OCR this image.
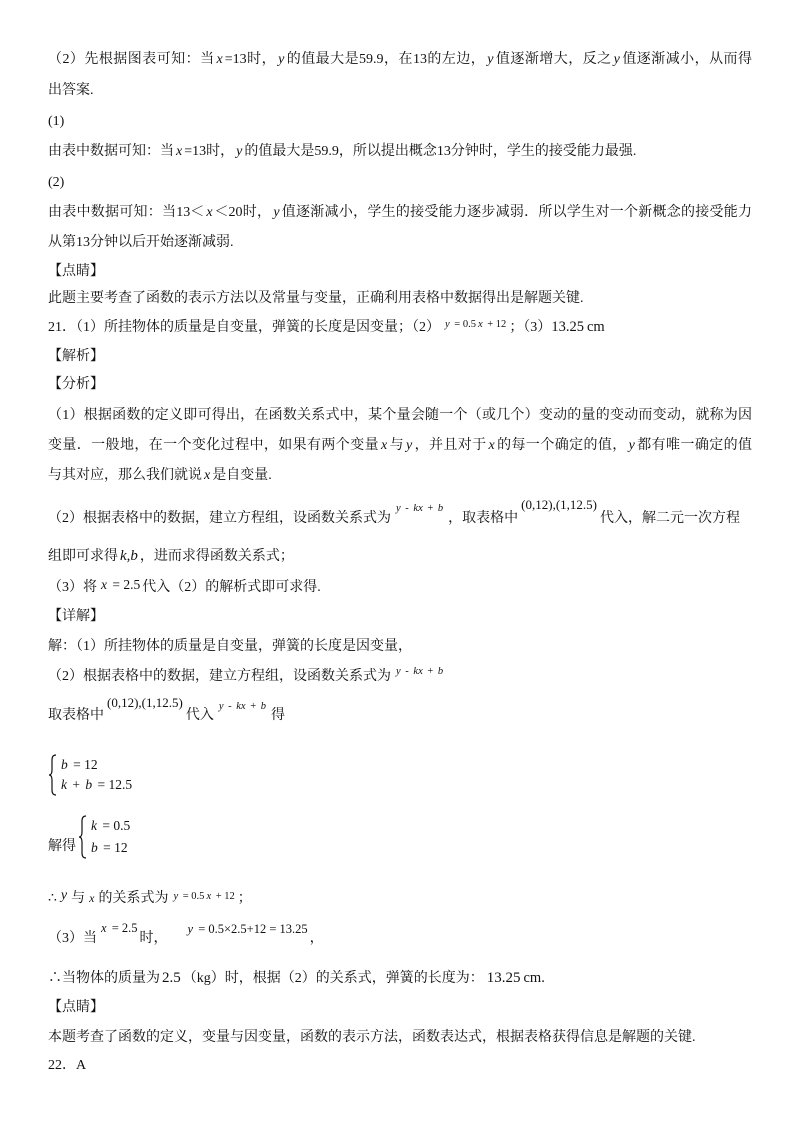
（2）先根据图表可知：当 x =13时， y 的值最大是59.9，在13的左边， y 值逐渐增大，反之 y 值逐渐减小，从而得
出答案.
(1)
由表中数据可知：当 x =13时， y 的值最大是59.9，所以提出概念13分钟时，学生的接受能力最强.
(2)
由表中数据可知：当13＜ x ＜20时， y 值逐渐减小，学生的接受能力逐步减弱．所以学生对一个新概念的接受能力
从第13分钟以后开始逐渐减弱.
【点睛】
此题主要考查了函数的表示方法以及常量与变量，正确利用表格中数据得出是解题关键.
21．（1）所挂物体的质量是自变量，弹簧的长度是因变量；（2） y = 0.5 x + 12 ；（3）13.25 cm
【解析】
【分析】
（1）根据函数的定义即可得出，在函数关系式中，某个量会随一个（或几个）变动的量的变动而变动，就称为因
变量．一般地，在一个变化过程中，如果有两个变量 x 与 y ，并且对于 x 的每一个确定的值， y 都有唯一确定的值
与其对应，那么我们就说 x 是自变量.
（2）根据表格中的数据，建立方程组，设函数关系式为y - kx + b，取表格中(0,12),(1,12.5)代入，解二元一次方程
组即可求得 k,b ，进而求得函数关系式；
（3）将 x = 2.5 代入（2）的解析式即可求得.
【详解】
解：（1）所挂物体的质量是自变量，弹簧的长度是因变量，
（2）根据表格中的数据，建立方程组，设函数关系式为 y - kx + b
取表格中(0,12),(1,12.5)代入y - kx + b得
b = 12
k + b = 12.5
解得
k = 0.5
b = 12
∴ y 与 x 的关系式为 y = 0.5 x + 12 ；
（3）当x = 2.5时，y = 0.5×2.5+12 = 13.25，
∴当物体的质量为 2.5 （kg）时，根据（2）的关系式，弹簧的长度为： 13.25 cm.
【点睛】
本题考查了函数的定义，变量与因变量，函数的表示方法，函数表达式，根据表格获得信息是解题的关键.
22．A
